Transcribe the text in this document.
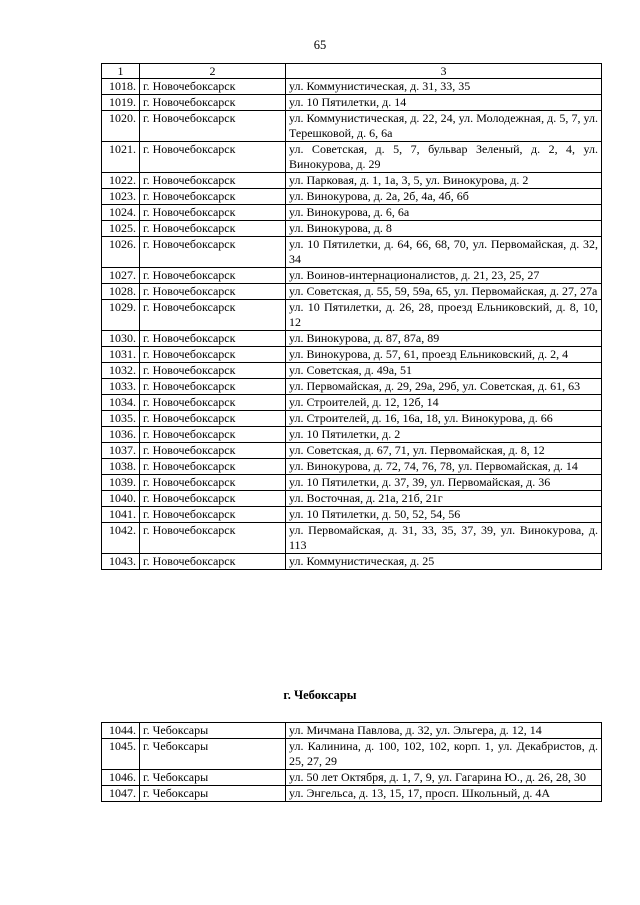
65
1	2	3
1018.	г. Новочебоксарск	ул. Коммунистическая, д. 31, 33, 35
1019.	г. Новочебоксарск	ул. 10 Пятилетки, д. 14
1020.	г. Новочебоксарск	ул. Коммунистическая, д. 22, 24, ул. Молодежная, д. 5, 7, ул. Терешковой, д. 6, 6а
1021.	г. Новочебоксарск	ул. Советская, д. 5, 7, бульвар Зеленый, д. 2, 4, ул. Винокурова, д. 29
1022.	г. Новочебоксарск	ул. Парковая, д. 1, 1а, 3, 5, ул. Винокурова, д. 2
1023.	г. Новочебоксарск	ул. Винокурова, д. 2а, 2б, 4а, 4б, 6б
1024.	г. Новочебоксарск	ул. Винокурова, д. 6, 6а
1025.	г. Новочебоксарск	ул. Винокурова, д. 8
1026.	г. Новочебоксарск	ул. 10 Пятилетки, д. 64, 66, 68, 70, ул. Первомайская, д. 32, 34
1027.	г. Новочебоксарск	ул. Воинов-интернационалистов, д. 21, 23, 25, 27
1028.	г. Новочебоксарск	ул. Советская, д. 55, 59, 59а, 65, ул. Первомайская, д. 27, 27а
1029.	г. Новочебоксарск	ул. 10 Пятилетки, д. 26, 28, проезд Ельниковский, д. 8, 10, 12
1030.	г. Новочебоксарск	ул. Винокурова, д. 87, 87а, 89
1031.	г. Новочебоксарск	ул. Винокурова, д. 57, 61, проезд Ельниковский, д. 2, 4
1032.	г. Новочебоксарск	ул. Советская, д. 49а, 51
1033.	г. Новочебоксарск	ул. Первомайская, д. 29, 29а, 29б, ул. Советская, д. 61, 63
1034.	г. Новочебоксарск	ул. Строителей, д. 12, 12б, 14
1035.	г. Новочебоксарск	ул. Строителей, д. 16, 16а, 18, ул. Винокурова, д. 66
1036.	г. Новочебоксарск	ул. 10 Пятилетки, д. 2
1037.	г. Новочебоксарск	ул. Советская, д. 67, 71, ул. Первомайская, д. 8, 12
1038.	г. Новочебоксарск	ул. Винокурова, д. 72, 74, 76, 78, ул. Первомайская, д. 14
1039.	г. Новочебоксарск	ул. 10 Пятилетки, д. 37, 39, ул. Первомайская, д. 36
1040.	г. Новочебоксарск	ул. Восточная, д. 21а, 21б, 21г
1041.	г. Новочебоксарск	ул. 10 Пятилетки, д. 50, 52, 54, 56
1042.	г. Новочебоксарск	ул. Первомайская, д. 31, 33, 35, 37, 39, ул. Винокурова, д. 113
1043.	г. Новочебоксарск	ул. Коммунистическая, д. 25
г. Чебоксары
1044.	г. Чебоксары	ул. Мичмана Павлова, д. 32, ул. Эльгера, д. 12, 14
1045.	г. Чебоксары	ул. Калинина, д. 100, 102, 102, корп. 1, ул. Декабристов, д. 25, 27, 29
1046.	г. Чебоксары	ул. 50 лет Октября, д. 1, 7, 9, ул. Гагарина Ю., д. 26, 28, 30
1047.	г. Чебоксары	ул. Энгельса, д. 13, 15, 17, просп. Школьный, д. 4А
